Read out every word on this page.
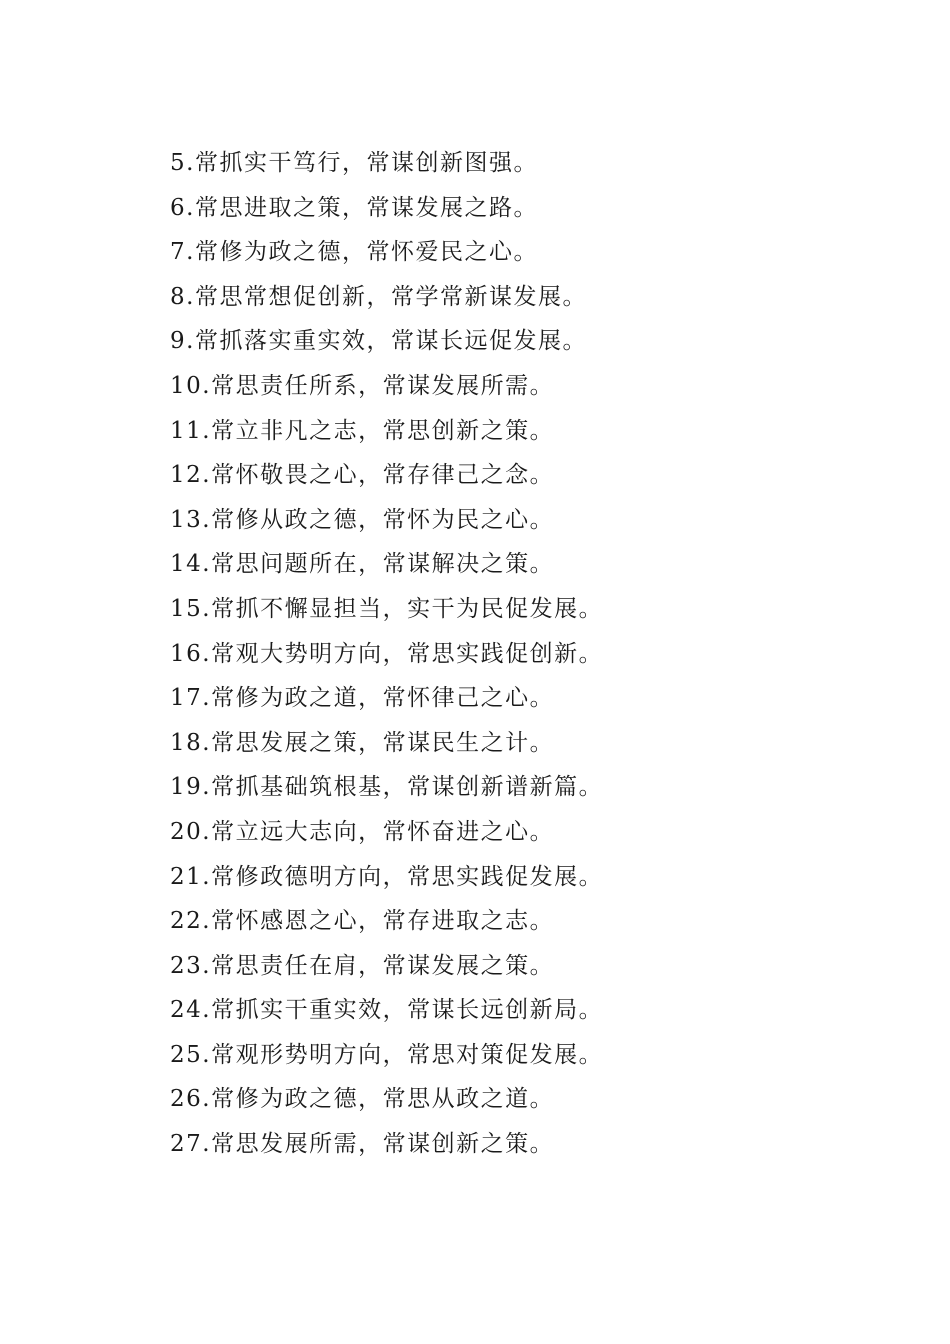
5.常抓实干笃行，常谋创新图强。
6.常思进取之策，常谋发展之路。
7.常修为政之德，常怀爱民之心。
8.常思常想促创新，常学常新谋发展。
9.常抓落实重实效，常谋长远促发展。
10.常思责任所系，常谋发展所需。
11.常立非凡之志，常思创新之策。
12.常怀敬畏之心，常存律己之念。
13.常修从政之德，常怀为民之心。
14.常思问题所在，常谋解决之策。
15.常抓不懈显担当，实干为民促发展。
16.常观大势明方向，常思实践促创新。
17.常修为政之道，常怀律己之心。
18.常思发展之策，常谋民生之计。
19.常抓基础筑根基，常谋创新谱新篇。
20.常立远大志向，常怀奋进之心。
21.常修政德明方向，常思实践促发展。
22.常怀感恩之心，常存进取之志。
23.常思责任在肩，常谋发展之策。
24.常抓实干重实效，常谋长远创新局。
25.常观形势明方向，常思对策促发展。
26.常修为政之德，常思从政之道。
27.常思发展所需，常谋创新之策。
